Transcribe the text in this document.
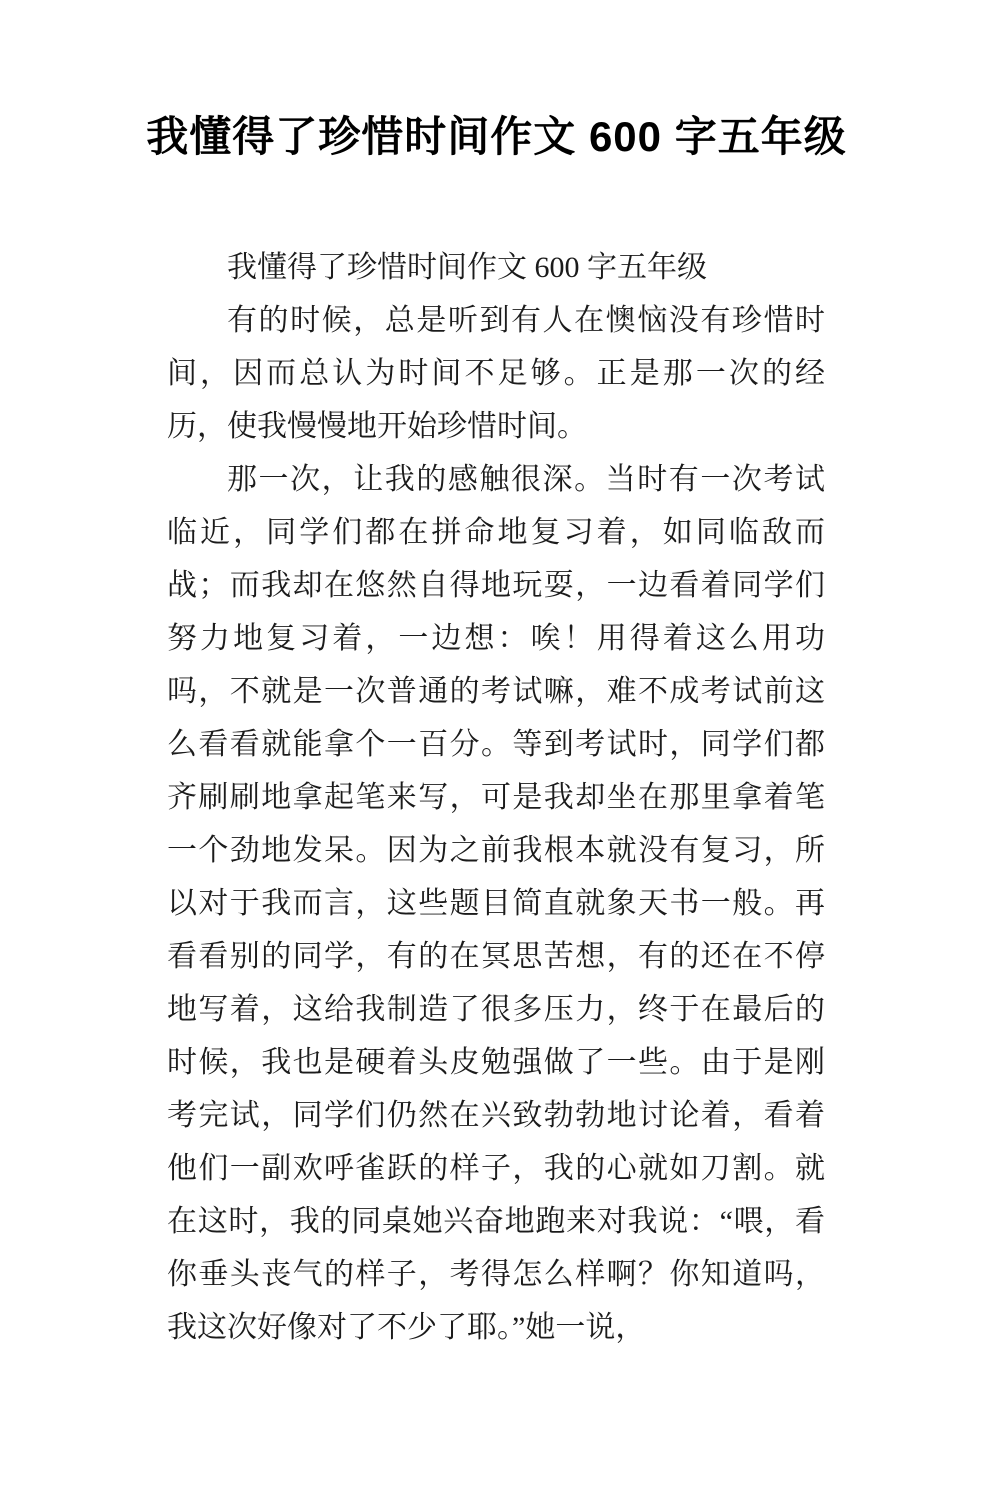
我懂得了珍惜时间作文 600 字五年级

我懂得了珍惜时间作文 600 字五年级

有的时候，总是听到有人在懊恼没有珍惜时间，因而总认为时间不足够。正是那一次的经历，使我慢慢地开始珍惜时间。

那一次，让我的感触很深。当时有一次考试临近，同学们都在拼命地复习着，如同临敌而战；而我却在悠然自得地玩耍，一边看着同学们努力地复习着，一边想：唉！用得着这么用功吗，不就是一次普通的考试嘛，难不成考试前这么看看就能拿个一百分。等到考试时，同学们都齐刷刷地拿起笔来写，可是我却坐在那里拿着笔一个劲地发呆。因为之前我根本就没有复习，所以对于我而言，这些题目简直就象天书一般。再看看别的同学，有的在冥思苦想，有的还在不停地写着，这给我制造了很多压力，终于在最后的时候，我也是硬着头皮勉强做了一些。由于是刚考完试，同学们仍然在兴致勃勃地讨论着，看着他们一副欢呼雀跃的样子，我的心就如刀割。就在这时，我的同桌她兴奋地跑来对我说：“喂，看你垂头丧气的样子，考得怎么样啊？你知道吗，我这次好像对了不少了耶。”她一说，
